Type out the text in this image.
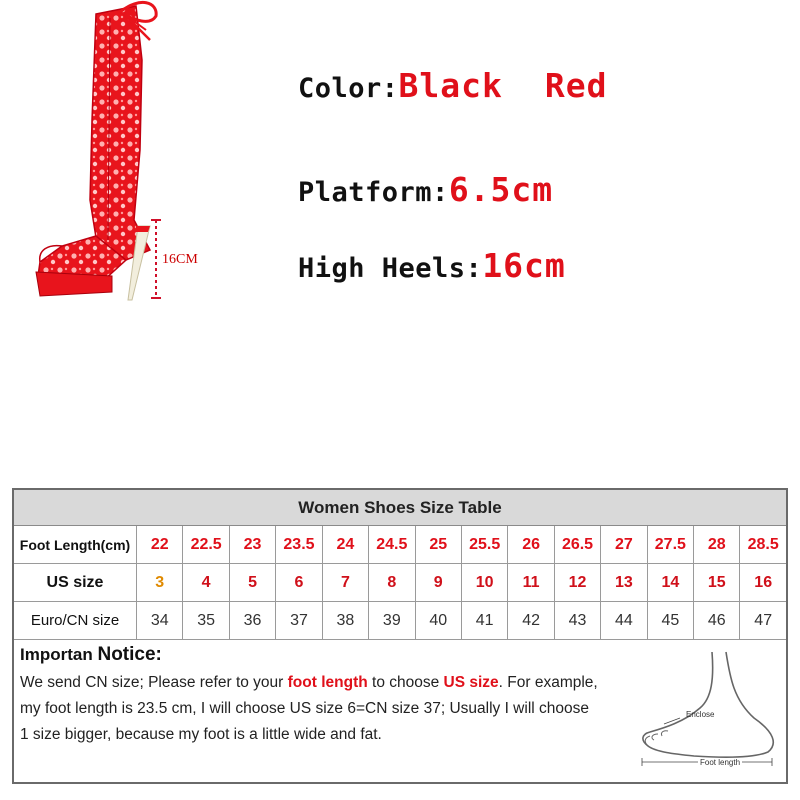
16CM
Color:Black Red
Platform:6.5cm
High Heels:16cm
Women Shoes Size Table
Foot Length(cm)	22	22.5	23	23.5	24	24.5	25	25.5	26	26.5	27	27.5	28	28.5
US size	3	4	5	6	7	8	9	10	11	12	13	14	15	16
Euro/CN size	34	35	36	37	38	39	40	41	42	43	44	45	46	47
Importan Notice:
We send CN size; Please refer to your foot length to choose US size. For example,
my foot length is 23.5 cm, I will choose US size 6=CN size 37; Usually I will choose
1 size bigger, because my foot is a little wide and fat.
Enclose
Foot length
